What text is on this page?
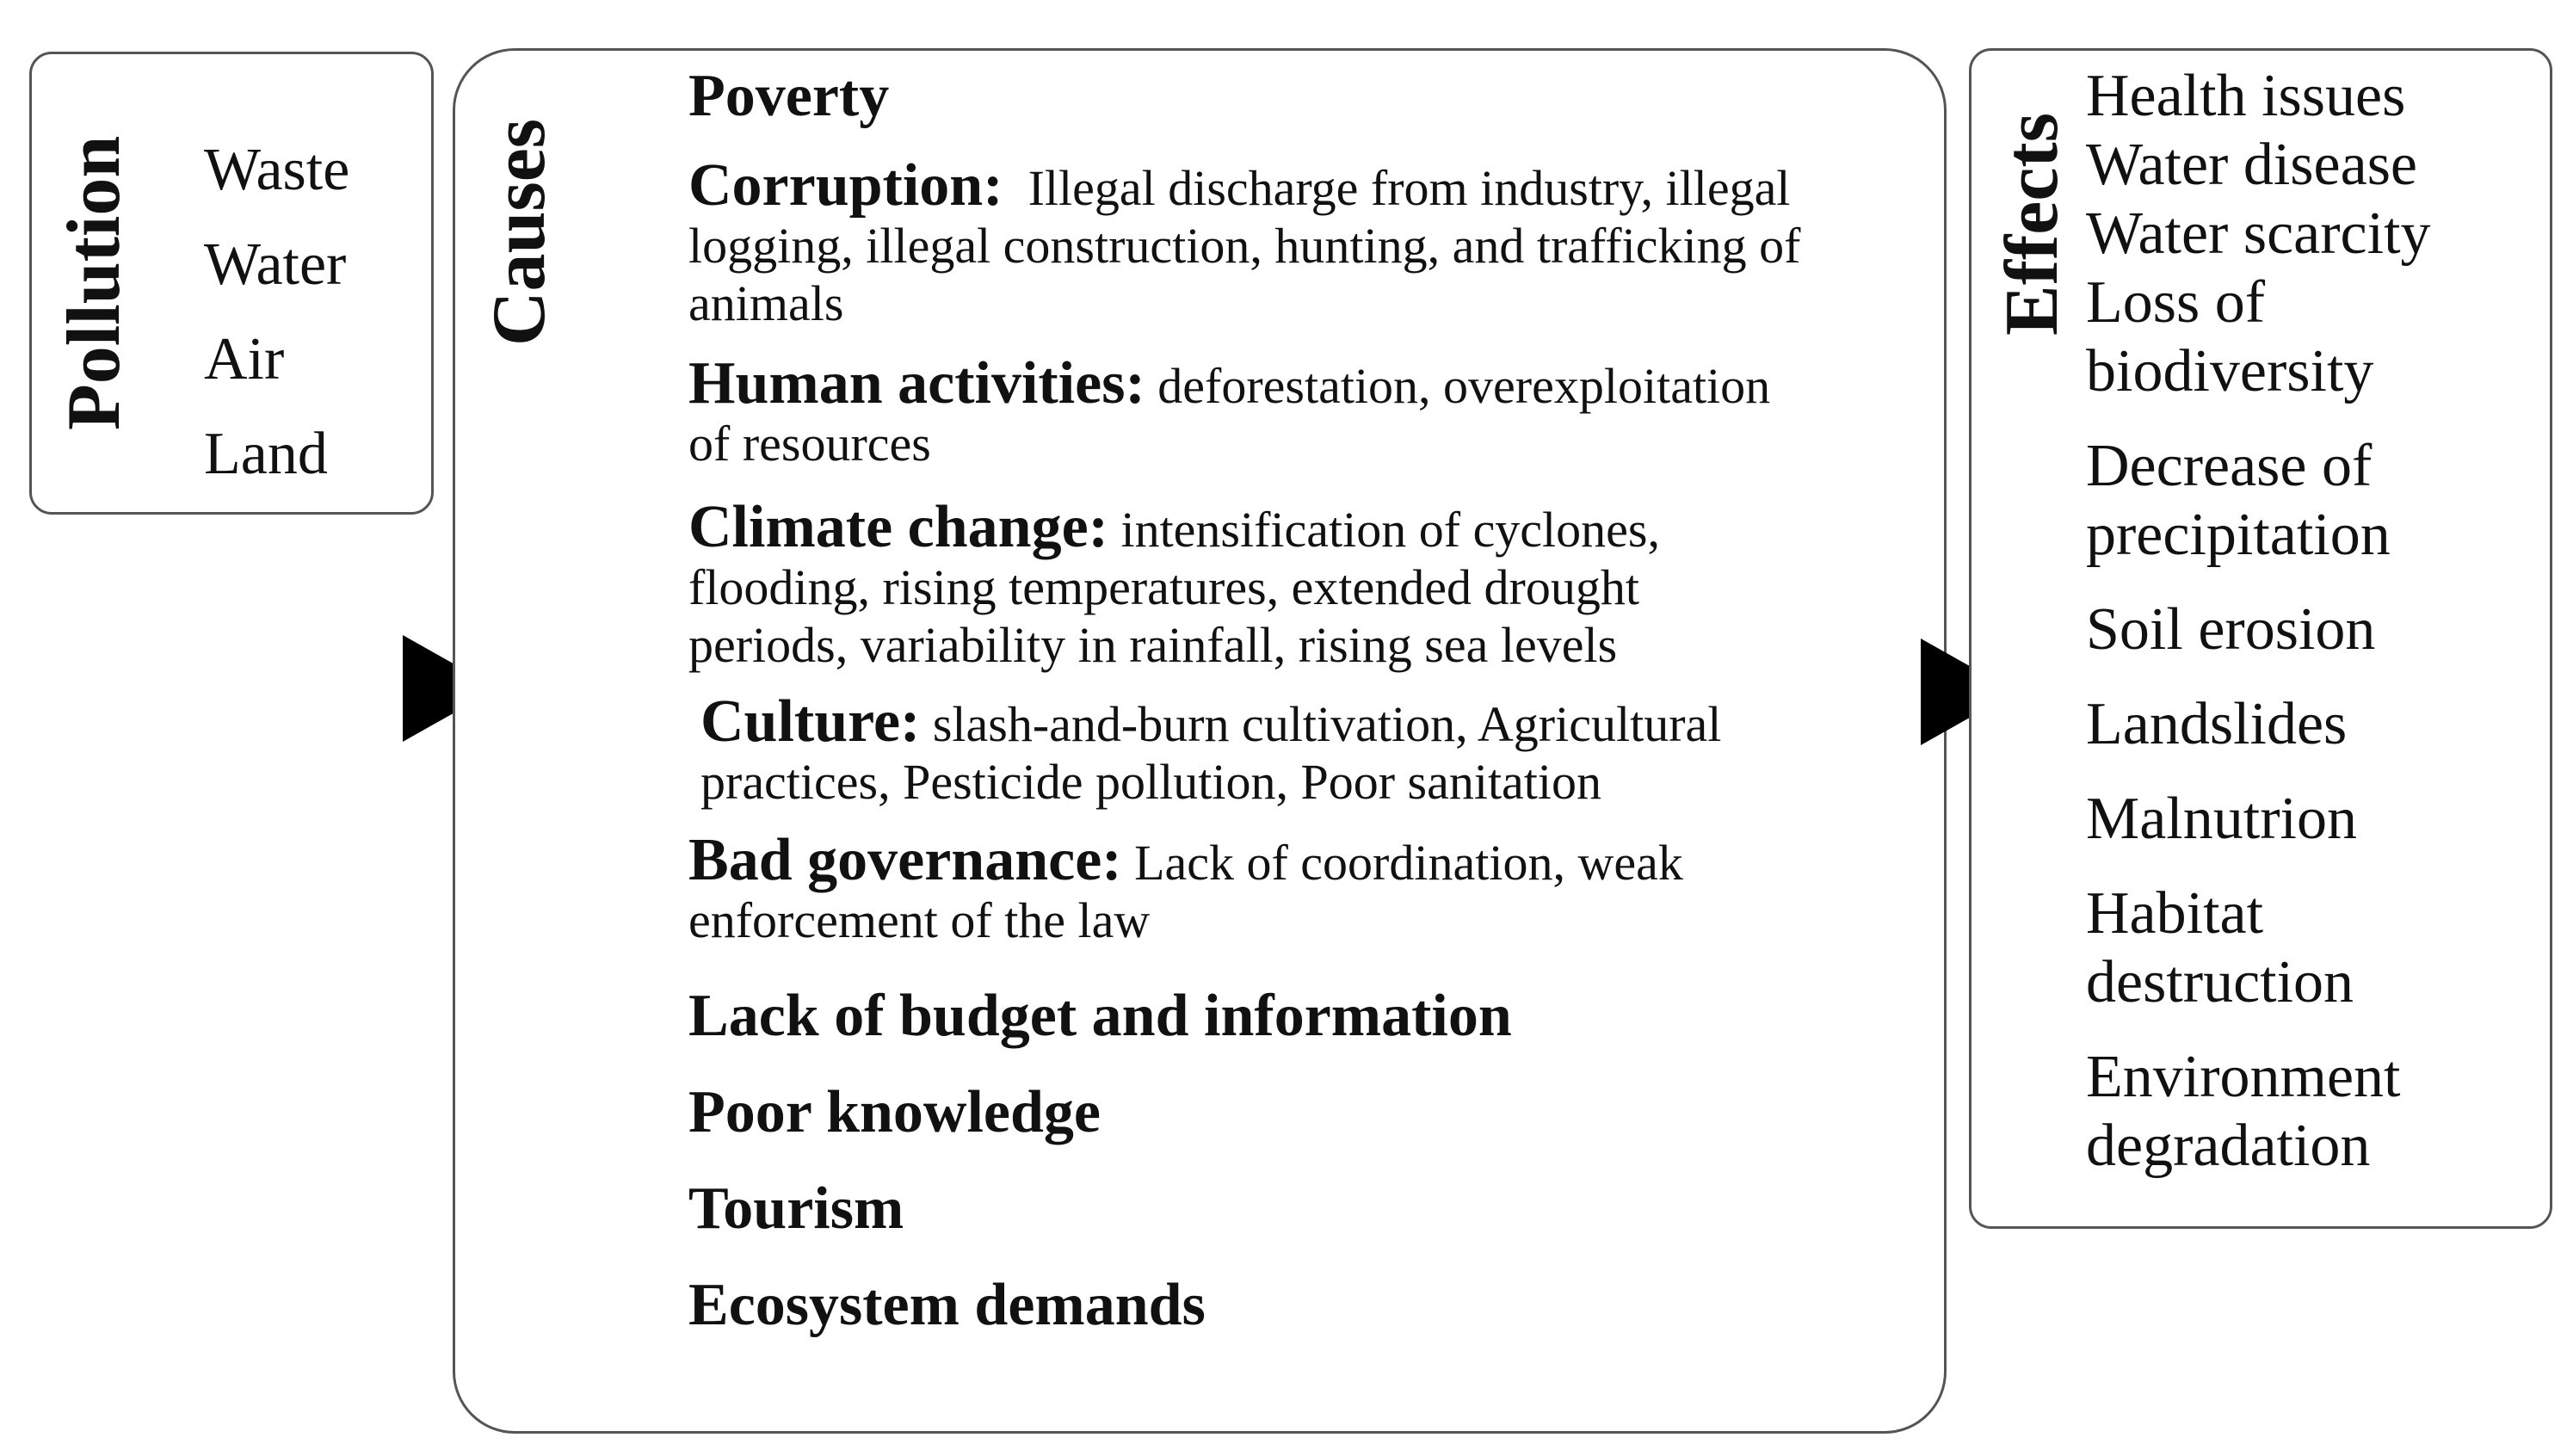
Waste
Water
Air
Land
Pollution	Causes
Poverty
Corruption: Illegal discharge from industry, illegal logging, illegal construction, hunting, and trafficking of animals
Human activities: deforestation, overexploitation of resources
Climate change: intensification of cyclones, flooding, rising temperatures, extended drought periods, variability in rainfall, rising sea levels
Culture: slash-and-burn cultivation, Agricultural practices, Pesticide pollution, Poor sanitation
Bad governance: Lack of coordination, weak enforcement of the law
Lack of budget and information
Poor knowledge
Tourism
Ecosystem demands
Effects
Health issues
Water disease
Water scarcity
Loss of biodiversity
Decrease of precipitation
Soil erosion
Landslides
Malnutrion
Habitat destruction
Environment degradation
